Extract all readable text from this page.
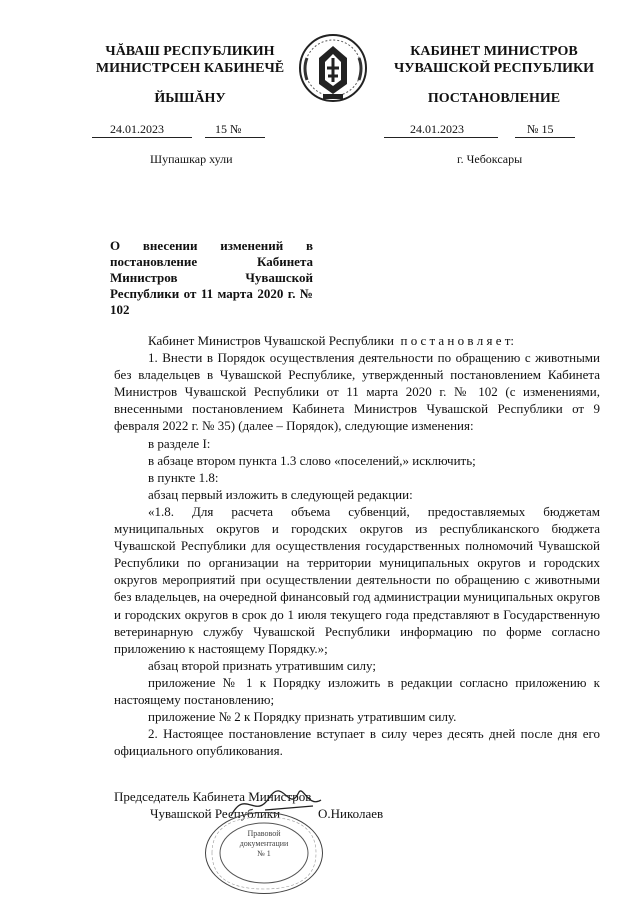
ЧĂВАШ РЕСПУБЛИКИН
МИНИСТРСЕН КАБИНЕЧĔ
ЙЫШĂНУ
КАБИНЕТ МИНИСТРОВ
ЧУВАШСКОЙ РЕСПУБЛИКИ
ПОСТАНОВЛЕНИЕ
24.01.2023	15 №	24.01.2023	№ 15
Шупашкар хули	г. Чебоксары
О внесении изменений в постановление Кабинета Министров Чувашской Республики от 11 марта 2020 г. № 102

Кабинет Министров Чувашской Республики п о с т а н о в л я е т:

1. Внести в Порядок осуществления деятельности по обращению с животными без владельцев в Чувашской Республике, утвержденный постановлением Кабинета Министров Чувашской Республики от 11 марта 2020 г. № 102 (с изменениями, внесенными постановлением Кабинета Министров Чувашской Республики от 9 февраля 2022 г. № 35) (далее – Порядок), следующие изменения:

в разделе I:

в абзаце втором пункта 1.3 слово «поселений,» исключить;

в пункте 1.8:

абзац первый изложить в следующей редакции:

«1.8. Для расчета объема субвенций, предоставляемых бюджетам муниципальных округов и городских округов из республиканского бюджета Чувашской Республики для осуществления государственных полномочий Чувашской Республики по организации на территории муниципальных округов и городских округов мероприятий при осуществлении деятельности по обращению с животными без владельцев, на очередной финансовый год администрации муниципальных округов и городских округов в срок до 1 июля текущего года представляют в Государственную ветеринарную службу Чувашской Республики информацию по форме согласно приложению к настоящему Порядку.»;

абзац второй признать утратившим силу;

приложение № 1 к Порядку изложить в редакции согласно приложению к настоящему постановлению;

приложение № 2 к Порядку признать утратившим силу.

2. Настоящее постановление вступает в силу через десять дней после дня его официального опубликования.

Председатель Кабинета Министров
Чувашской Республики	О.Николаев
Правовой
документации
№ 1
